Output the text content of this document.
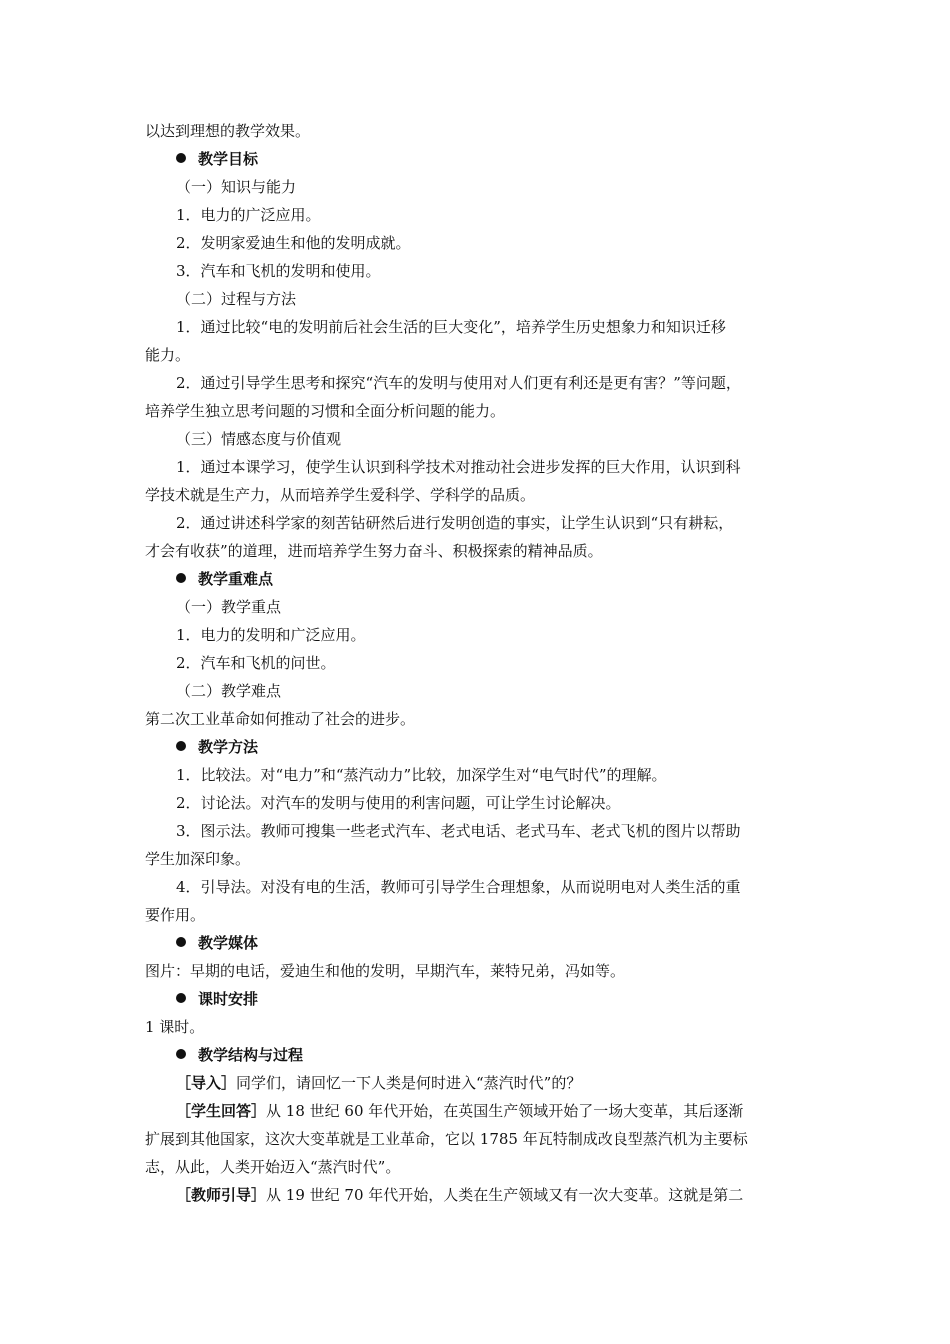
以达到理想的教学效果。
教学目标
（一）知识与能力
1．电力的广泛应用。
2．发明家爱迪生和他的发明成就。
3．汽车和飞机的发明和使用。
（二）过程与方法
1．通过比较“电的发明前后社会生活的巨大变化”，培养学生历史想象力和知识迁移
能力。
2．通过引导学生思考和探究“汽车的发明与使用对人们更有利还是更有害？”等问题，
培养学生独立思考问题的习惯和全面分析问题的能力。
（三）情感态度与价值观
1．通过本课学习，使学生认识到科学技术对推动社会进步发挥的巨大作用，认识到科
学技术就是生产力，从而培养学生爱科学、学科学的品质。
2．通过讲述科学家的刻苦钻研然后进行发明创造的事实，让学生认识到“只有耕耘，
才会有收获”的道理，进而培养学生努力奋斗、积极探索的精神品质。
教学重难点
（一）教学重点
1．电力的发明和广泛应用。
2．汽车和飞机的问世。
（二）教学难点
第二次工业革命如何推动了社会的进步。
教学方法
1．比较法。对“电力”和“蒸汽动力”比较，加深学生对“电气时代”的理解。
2．讨论法。对汽车的发明与使用的利害问题，可让学生讨论解决。
3．图示法。教师可搜集一些老式汽车、老式电话、老式马车、老式飞机的图片以帮助
学生加深印象。
4．引导法。对没有电的生活，教师可引导学生合理想象，从而说明电对人类生活的重
要作用。
教学媒体
图片：早期的电话，爱迪生和他的发明，早期汽车，莱特兄弟，冯如等。
课时安排
1 课时。
教学结构与过程
［导入］同学们，请回忆一下人类是何时进入“蒸汽时代”的？
［学生回答］从 18 世纪 60 年代开始，在英国生产领域开始了一场大变革，其后逐渐
扩展到其他国家，这次大变革就是工业革命，它以 1785 年瓦特制成改良型蒸汽机为主要标
志，从此，人类开始迈入“蒸汽时代”。
［教师引导］从 19 世纪 70 年代开始，人类在生产领域又有一次大变革。这就是第二
